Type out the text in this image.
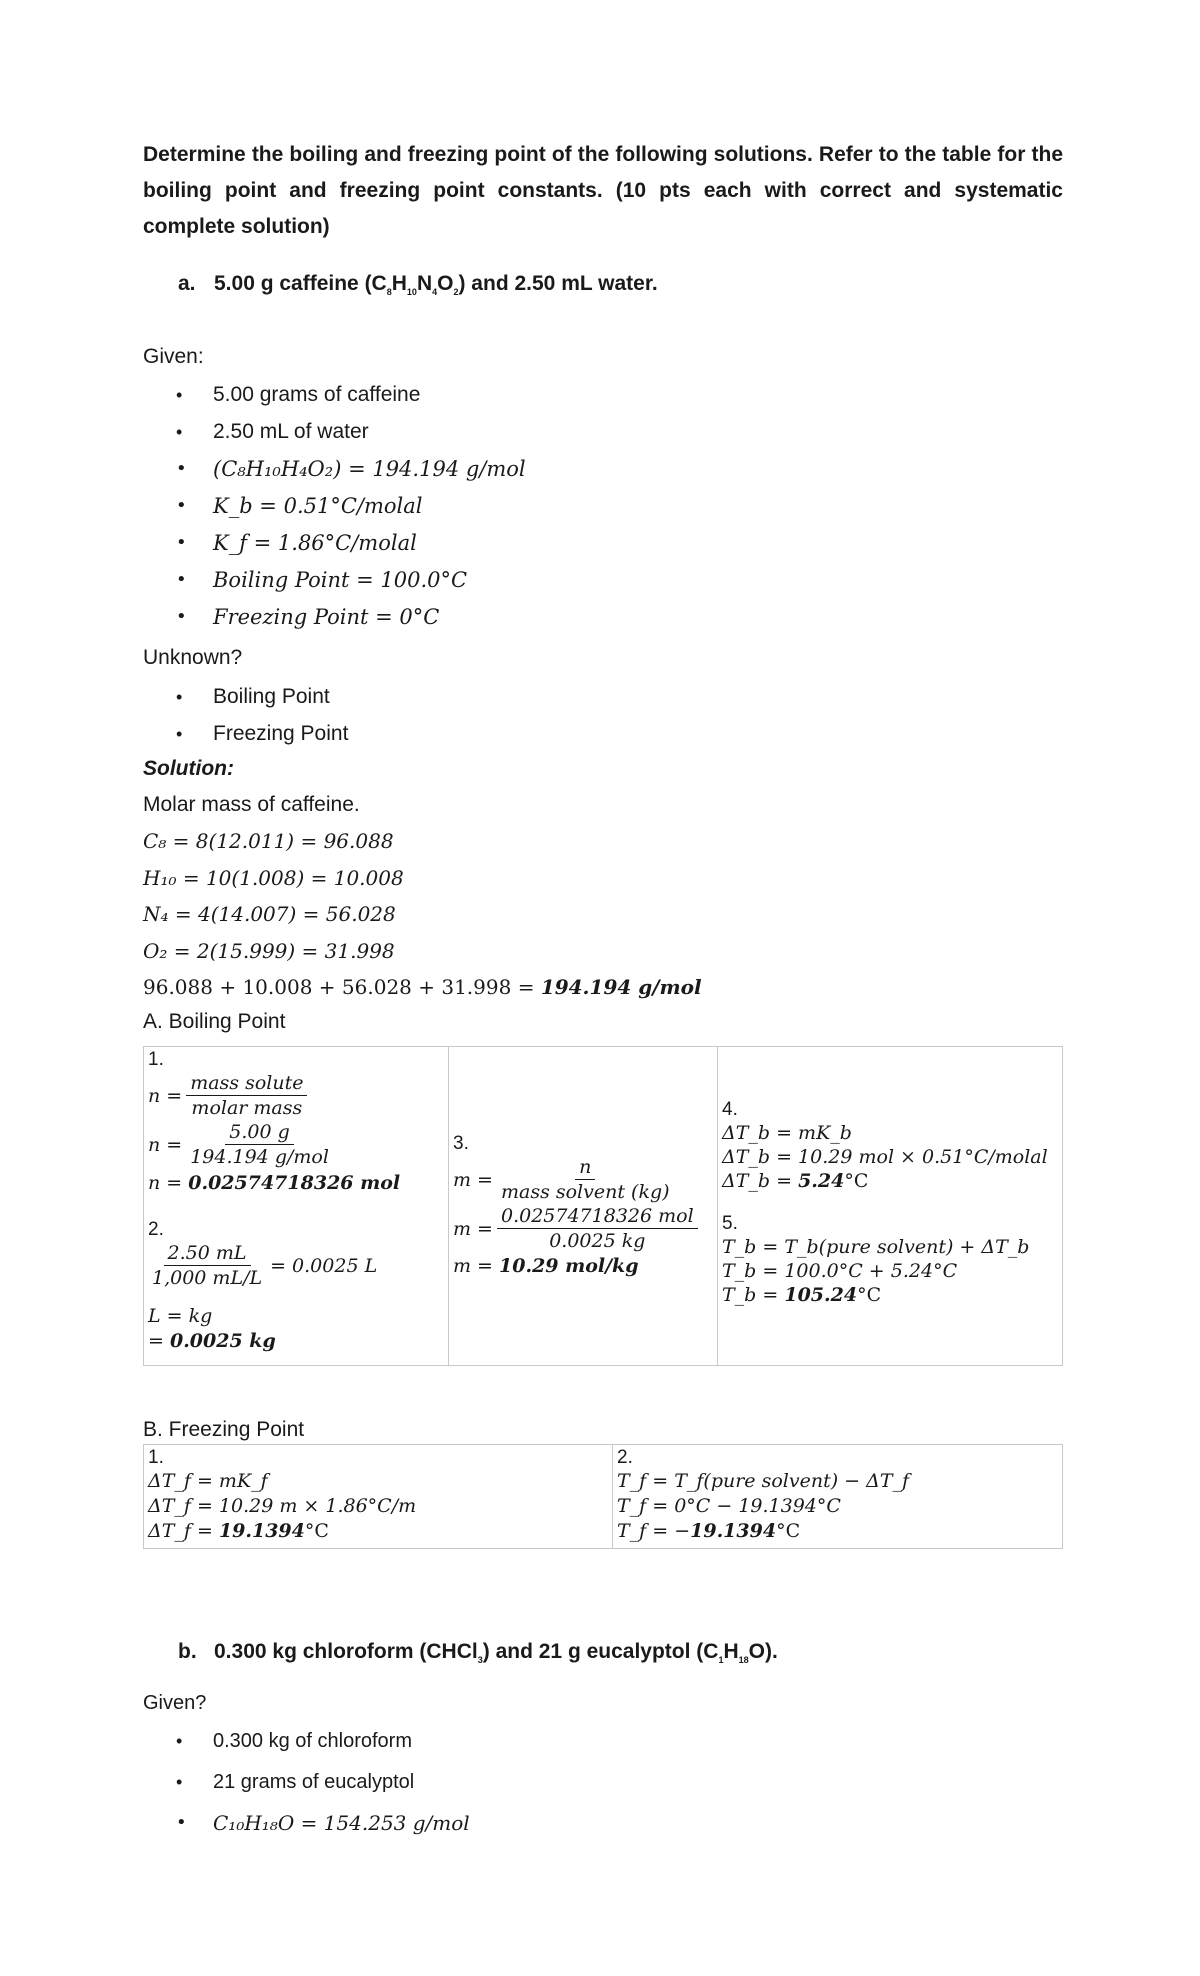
Determine the boiling and freezing point of the following solutions. Refer to the table for the boiling point and freezing point constants. (10 pts each with correct and systematic complete solution)
a. 5.00 g caffeine $(C_8H_{10}N_4O_2)$ and 2.50 mL water.
Given:
• 5.00 grams of caffeine
• 2.50 mL of water
• (C₈H₁₀H₄O₂) = 194.194 g/mol
• K_b = 0.51°C/molal
• K_f = 1.86°C/molal
• Boiling Point = 100.0°C
• Freezing Point = 0°C
Unknown?
• Boiling Point
• Freezing Point
Solution:
Molar mass of caffeine.
C₈ = 8(12.011) = 96.088
H₁₀ = 10(1.008) = 10.008
N₄ = 4(14.007) = 56.028
O₂ = 2(15.999) = 31.998
96.088 + 10.008 + 56.028 + 31.998 = 194.194 g/mol
A. Boiling Point
1.
$n = \frac{\text{mass solute}}{\text{molar mass}}$
$n = \frac{5.00 g}{\text{194.194 g/mol}}$
n = 0.02574718326 mol
2.
$\frac{2.50 mL}{1,000 mL/L} = 0.0025$ L
L = kg
= 0.0025 kg

3.
$m = \frac{n}{\text{mass solvent (kg)}}$
$m = \frac{\text{0.02574718326 mol}}{0.0025 kg}$
m = 10.29 mol/kg

4.
ΔT_b = mK_b
ΔT_b = 10.29 mol × 0.51°C/molal
ΔT_b = 5.24°C
5.
T_b = T_b(pure solvent) + ΔT_b
T_b = 100.0°C + 5.24°C
T_b = 105.24°C
B. Freezing Point
1.
ΔT_f = mK_f
ΔT_f = 10.29 m × 1.86°C/m
ΔT_f = 19.1394°C

2.
T_f = T_f(pure solvent) − ΔT_f
T_f = 0°C − 19.1394°C
T_f = −19.1394°C
b. 0.300 kg chloroform (CHCl$_3$) and 21 g eucalyptol $(C_1H_{18}O)$.
Given?
• 0.300 kg of chloroform
• 21 grams of eucalyptol
• C₁₀H₁₈O = 154.253 g/mol
